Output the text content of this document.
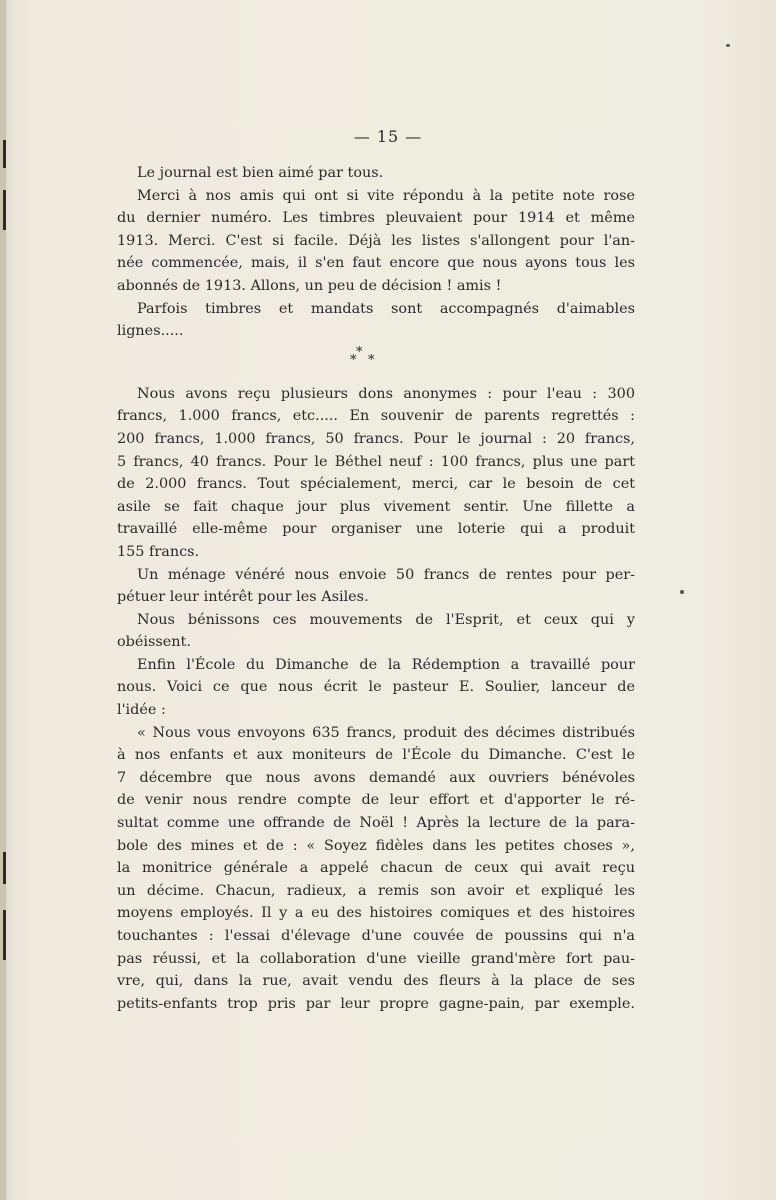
— 15 —
Le journal est bien aimé par tous.
Merci à nos amis qui ont si vite répondu à la petite note rose
du dernier numéro. Les timbres pleuvaient pour 1914 et même
1913. Merci. C'est si facile. Déjà les listes s'allongent pour l'an-
née commencée, mais, il s'en faut encore que nous ayons tous les
abonnés de 1913. Allons, un peu de décision ! amis !
Parfois timbres et mandats sont accompagnés d'aimables
lignes.....
*
* *
Nous avons reçu plusieurs dons anonymes : pour l'eau : 300
francs, 1.000 francs, etc..... En souvenir de parents regrettés :
200 francs, 1.000 francs, 50 francs. Pour le journal : 20 francs,
5 francs, 40 francs. Pour le Béthel neuf : 100 francs, plus une part
de 2.000 francs. Tout spécialement, merci, car le besoin de cet
asile se fait chaque jour plus vivement sentir. Une fillette a
travaillé elle-même pour organiser une loterie qui a produit
155 francs.
Un ménage vénéré nous envoie 50 francs de rentes pour per-
pétuer leur intérêt pour les Asiles.
Nous bénissons ces mouvements de l'Esprit, et ceux qui y
obéissent.
Enfin l'École du Dimanche de la Rédemption a travaillé pour
nous. Voici ce que nous écrit le pasteur E. Soulier, lanceur de
l'idée :
« Nous vous envoyons 635 francs, produit des décimes distribués
à nos enfants et aux moniteurs de l'École du Dimanche. C'est le
7 décembre que nous avons demandé aux ouvriers bénévoles
de venir nous rendre compte de leur effort et d'apporter le ré-
sultat comme une offrande de Noël ! Après la lecture de la para-
bole des mines et de : « Soyez fidèles dans les petites choses »,
la monitrice générale a appelé chacun de ceux qui avait reçu
un décime. Chacun, radieux, a remis son avoir et expliqué les
moyens employés. Il y a eu des histoires comiques et des histoires
touchantes : l'essai d'élevage d'une couvée de poussins qui n'a
pas réussi, et la collaboration d'une vieille grand'mère fort pau-
vre, qui, dans la rue, avait vendu des fleurs à la place de ses
petits-enfants trop pris par leur propre gagne-pain, par exemple.
